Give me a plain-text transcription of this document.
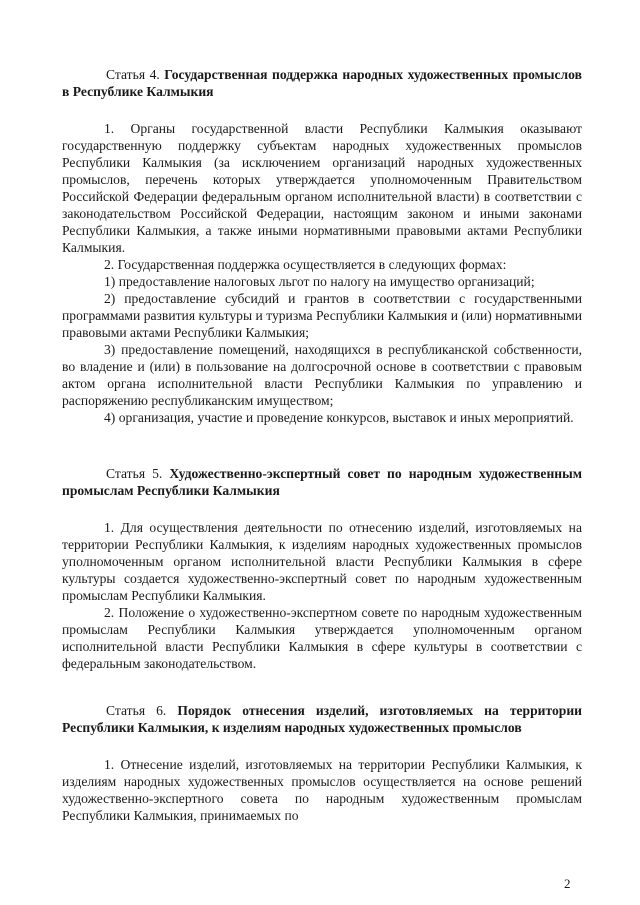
Статья 4. Государственная поддержка народных художественных промыслов в Республике Калмыкия

1. Органы государственной власти Республики Калмыкия оказывают государственную поддержку субъектам народных художественных промыслов Республики Калмыкия (за исключением организаций народных художественных промыслов, перечень которых утверждается уполномоченным Правительством Российской Федерации федеральным органом исполнительной власти) в соответствии с законодательством Российской Федерации, настоящим законом и иными законами Республики Калмыкия, а также иными нормативными правовыми актами Республики Калмыкия.

2. Государственная поддержка осуществляется в следующих формах:

1) предоставление налоговых льгот по налогу на имущество организаций;

2) предоставление субсидий и грантов в соответствии с государственными программами развития культуры и туризма Республики Калмыкия и (или) нормативными правовыми актами Республики Калмыкия;

3) предоставление помещений, находящихся в республиканской собственности, во владение и (или) в пользование на долгосрочной основе в соответствии с правовым актом органа исполнительной власти Республики Калмыкия по управлению и распоряжению республиканским имуществом;

4) организация, участие и проведение конкурсов, выставок и иных мероприятий.

Статья 5. Художественно-экспертный совет по народным художественным промыслам Республики Калмыкия

1. Для осуществления деятельности по отнесению изделий, изготовляемых на территории Республики Калмыкия, к изделиям народных художественных промыслов уполномоченным органом исполнительной власти Республики Калмыкия в сфере культуры создается художественно-экспертный совет по народным художественным промыслам Республики Калмыкия.

2. Положение о художественно-экспертном совете по народным художественным промыслам Республики Калмыкия утверждается уполномоченным органом исполнительной власти Республики Калмыкия в сфере культуры в соответствии с федеральным законодательством.

Статья 6. Порядок отнесения изделий, изготовляемых на территории Республики Калмыкия, к изделиям народных художественных промыслов

1. Отнесение изделий, изготовляемых на территории Республики Калмыкия, к изделиям народных художественных промыслов осуществляется на основе решений художественно-экспертного совета по народным художественным промыслам Республики Калмыкия, принимаемых по

2
